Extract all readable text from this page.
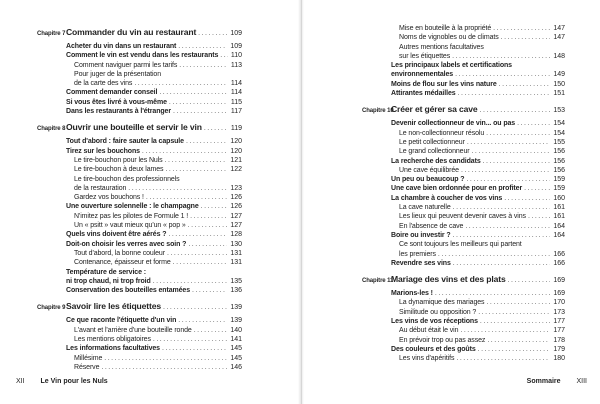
Chapitre 7 Commander du vin au restaurant .....	109
Acheter du vin dans un restaurant .....	109
Comment le vin est vendu dans les restaurants ..... 110
Comment naviguer parmi les tarifs .....	113
Pour juger de la présentation
de la carte des vins .....	114
Comment demander conseil .....	114
Si vous êtes livré à vous-même .....	115
Dans les restaurants à l'étranger .....	117
Chapitre 8 Ouvrir une bouteille et servir le vin .....	119
Tout d'abord : faire sauter la capsule .....	120
Tirez sur les bouchons .....	120
Le tire-bouchon pour les Nuls .....	121
Le tire-bouchon à deux lames .....	122
Le tire-bouchon des professionnels
de la restauration .....	123
Gardez vos bouchons ! .....	126
Une ouverture solennelle : le champagne .....	126
N'imitez pas les pilotes de Formule 1 ! .....	127
Un « psitt » vaut mieux qu'un « pop » .....	127
Quels vins doivent être aérés ? .....	128
Doit-on choisir les verres avec soin ? .....	130
Tout d'abord, la bonne couleur .....	131
Contenance, épaisseur et forme .....	131
Température de service :
ni trop chaud, ni trop froid .....	135
Conservation des bouteilles entamées .....	136
Chapitre 9 Savoir lire les étiquettes .....	139
Ce que raconte l'étiquette d'un vin .....	139
L'avant et l'arrière d'une bouteille ronde .....	140
Les mentions obligatoires .....	141
Les informations facultatives .....	145
Millésime .....	145
Réserve .....	146
Mise en bouteille à la propriété .....	147
Noms de vignobles ou de climats .....	147
Autres mentions facultatives
sur les étiquettes .....	148
Les principaux labels et certifications
environnementales .....	149
Moins de flou sur les vins nature .....	150
Attirantes médailles .....	151
Chapitre 10
Créer et gérer sa cave .....	153
Devenir collectionneur de vin... ou pas .....	154
Le non-collectionneur résolu .....	154
Le petit collectionneur .....	155
Le grand collectionneur .....	156
La recherche des candidats .....	156
Une cave équilibrée .....	156
Un peu ou beaucoup ? .....	159
Une cave bien ordonnée pour en profiter .....	159
La chambre à coucher de vos vins .....	160
La cave naturelle .....	161
Les lieux qui peuvent devenir caves à vins .....	161
En l'absence de cave .....	164
Boire ou investir ? .....	164
Ce sont toujours les meilleurs qui partent
les premiers .....	166
Revendre ses vins .....	166
Chapitre 11
Mariage des vins et des plats .....	169
Marions-les ! .....	169
La dynamique des mariages .....	170
Similitude ou opposition ? .....	173
Les vins de vos réceptions .....	177
Au début était le vin .....	177
En prévoir trop ou pas assez .....	178
Des couleurs et des goûts .....	179
Les vins d'apéritifs .....	180
XII Le Vin pour les Nuls	Sommaire XIII
